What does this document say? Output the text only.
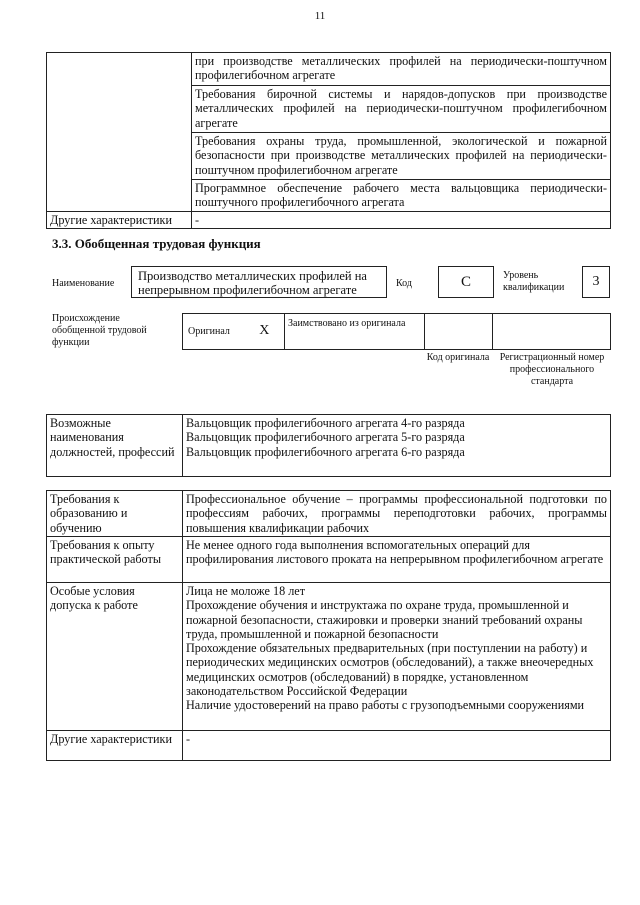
11
	при производстве металлических профилей на периодически-поштучном профилегибочном агрегате
	Требования бирочной системы и нарядов-допусков при производстве металлических профилей на периодически-поштучном профилегибочном агрегате
	Требования охраны труда, промышленной, экологической и пожарной безопасности при производстве металлических профилей на периодически-поштучном профилегибочном агрегате
	Программное обеспечение рабочего места вальцовщика периодически-поштучного профилегибочного агрегата
Другие характеристики	-
3.3. Обобщенная трудовая функция
Наименование
Производство металлических профилей на непрерывном профилегибочном агрегате	Код	C	Уровень квалификации	3
Происхождение обобщенной трудовой функции
Оригинал	X	Заимствовано из оригинала		
Код оригинала	Регистрационный номер профессионального стандарта
Возможные наименования должностей, профессий	
Вальцовщик профилегибочного агрегата 4-го разряда
Вальцовщик профилегибочного агрегата 5-го разряда
Вальцовщик профилегибочного агрегата 6-го разряда
Требования к образованию и обучению	Профессиональное обучение – программы профессиональной подготовки по профессиям рабочих, программы переподготовки рабочих, программы повышения квалификации рабочих
Требования к опыту практической работы	Не менее одного года выполнения вспомогательных операций для профилирования листового проката на непрерывном профилегибочном агрегате
Особые условия допуска к работе	Лица не моложе 18 лет
Прохождение обучения и инструктажа по охране труда, промышленной и пожарной безопасности, стажировки и проверки знаний требований охраны труда, промышленной и пожарной безопасности
Прохождение обязательных предварительных (при поступлении на работу) и периодических медицинских осмотров (обследований), а также внеочередных медицинских осмотров (обследований) в порядке, установленном законодательством Российской Федерации
Наличие удостоверений на право работы с грузоподъемными сооружениями

Другие характеристики	-
